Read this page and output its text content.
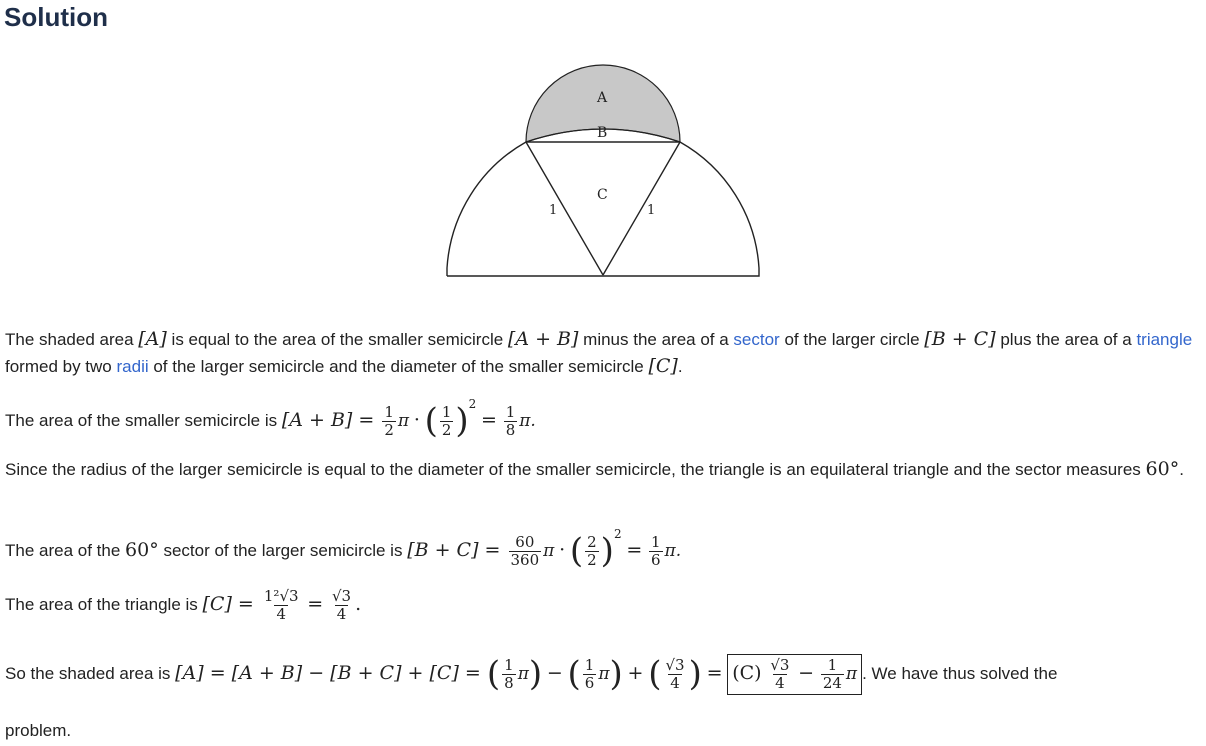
Solution
A
B
C
1	1
The shaded area [A] is equal to the area of the smaller semicircle [A + B] minus the area of a sector of the larger circle [B + C] plus the area of a triangle formed by two radii of the larger semicircle and the diameter of the smaller semicircle [C].
The area of the smaller semicircle is $[A + B] = \frac{1}{2}$ π · ( $\frac{1}{2} )^2 = \frac{1}{8} \pi$.
Since the radius of the larger semicircle is equal to the diameter of the smaller semicircle, the triangle is an equilateral triangle and the sector measures 60°.
The area of the 60° sector of the larger semicircle is $[B + C] = \frac{60}{360}$ π · ( $\frac{2}{2} )^2 = \frac{1}{6} \pi$.
The area of the triangle is $[C] = \frac{\text{1²√3}}{4} = \frac{√3}{4}$ .
So the shaded area is [A] = [A + B] − [B + C] + [C] = ( $\frac{1}{8} \pi$) − ( $\frac{1}{6} \pi$) + ( $\frac{√3}{4}$ ) = $(C) \frac{√3}{4} - \frac{1}{24}$ π . We have thus solved the
problem.
